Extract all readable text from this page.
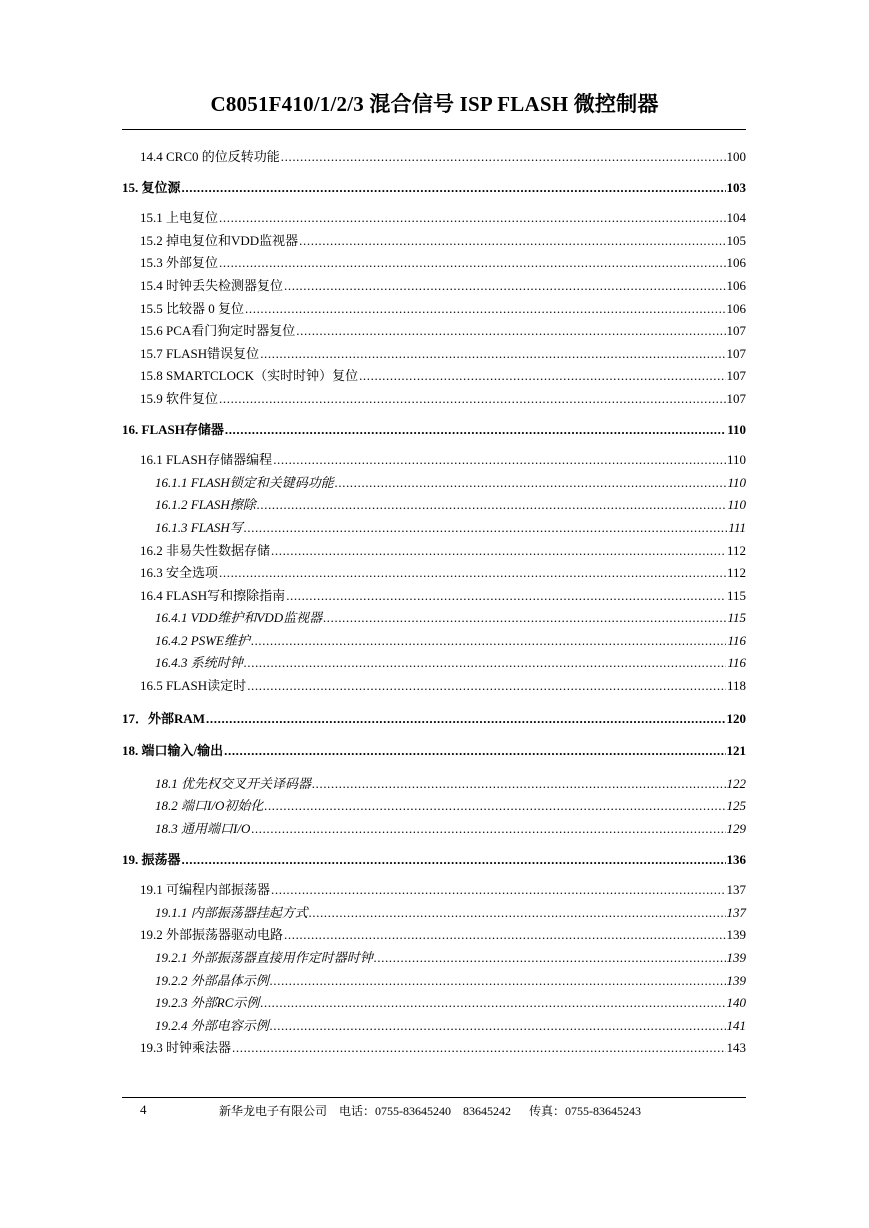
C8051F410/1/2/3 混合信号 ISP FLASH 微控制器
14.4 CRC0 的位反转功能 .....	100
15. 复位源 .....	103
15.1 上电复位 .....	104
15.2 掉电复位和VDD监视器 .....	105
15.3 外部复位 .....	106
15.4 时钟丢失检测器复位 .....	106
15.5 比较器 0 复位 .....	106
15.6 PCA看门狗定时器复位 .....	107
15.7 FLASH错误复位 .....	107
15.8 SMARTCLOCK（实时时钟）复位 .....	107
15.9 软件复位 .....	107
16. FLASH存储器 .....	110
16.1 FLASH存储器编程 .....	110
16.1.1 FLASH锁定和关键码功能 .....	110
16.1.2 FLASH擦除 .....	110
16.1.3 FLASH写 .....	111
16.2 非易失性数据存储 .....	112
16.3 安全选项 .....	112
16.4 FLASH写和擦除指南 .....	115
16.4.1 VDD维护和VDD监视器 .....	115
16.4.2 PSWE维护 .....	116
16.4.3 系统时钟 .....	116
16.5 FLASH读定时 .....	118
17．外部RAM .....	120
18. 端口输入/输出 .....	121
18.1 优先权交叉开关译码器 .....	122
18.2 端口I/O初始化 .....	125
18.3 通用端口I/O .....	129
19. 振荡器 .....	136
19.1 可编程内部振荡器 .....	137
19.1.1 内部振荡器挂起方式 .....	137
19.2 外部振荡器驱动电路 .....	139
19.2.1 外部振荡器直接用作定时器时钟 .....	139
19.2.2 外部晶体示例 .....	139
19.2.3 外部RC示例 .....	140
19.2.4 外部电容示例 .....	141
19.3 时钟乘法器 .....	143
4	新华龙电子有限公司    电话：0755-83645240    83645242      传真：0755-83645243
